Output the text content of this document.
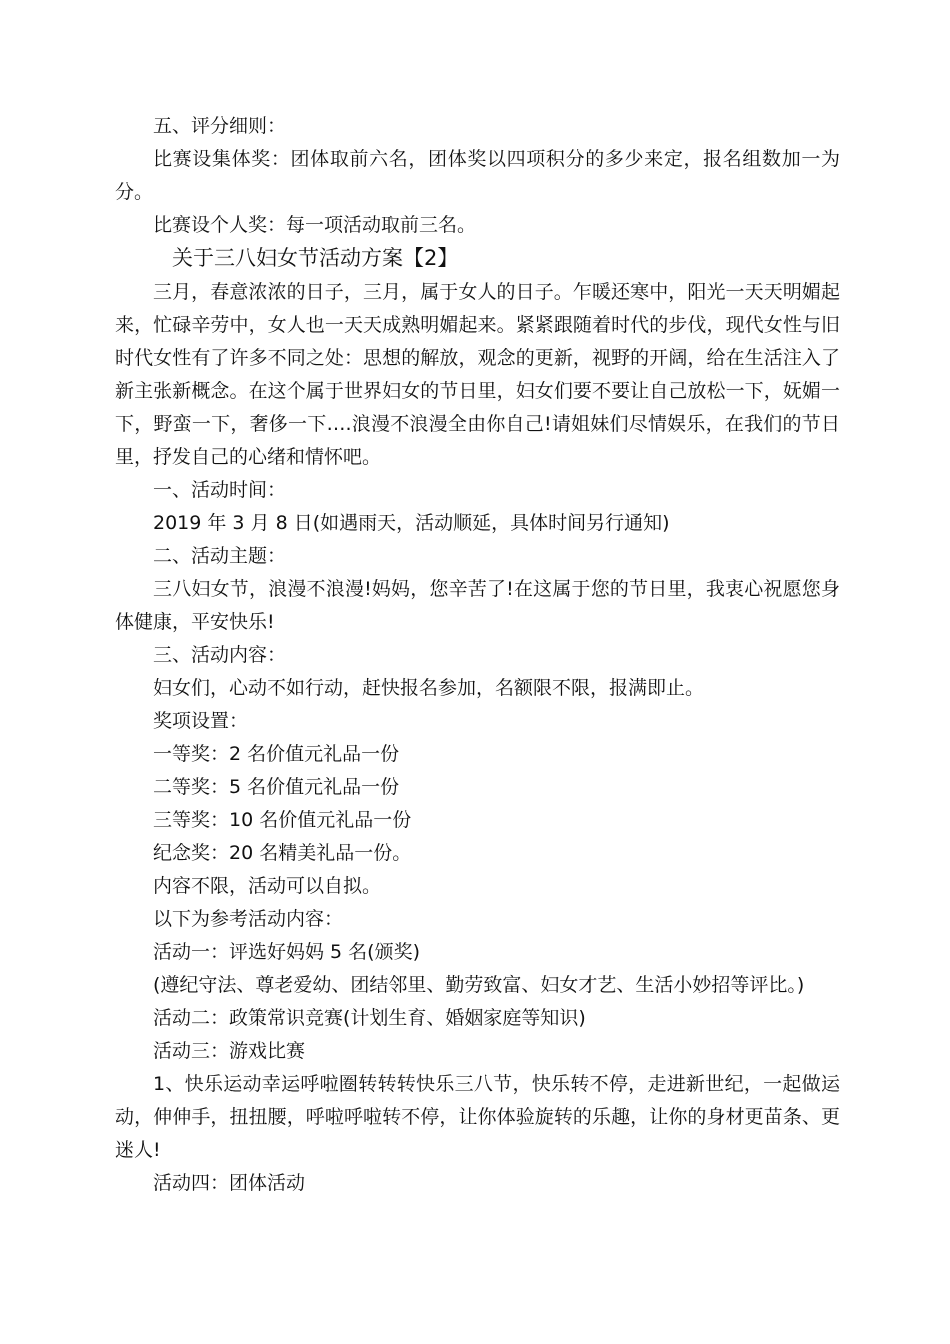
五、评分细则：

比赛设集体奖：团体取前六名，团体奖以四项积分的多少来定，报名组数加一为分。

比赛设个人奖：每一项活动取前三名。

关于三八妇女节活动方案【2】

三月，春意浓浓的日子，三月，属于女人的日子。乍暖还寒中，阳光一天天明媚起来，忙碌辛劳中，女人也一天天成熟明媚起来。紧紧跟随着时代的步伐，现代女性与旧时代女性有了许多不同之处：思想的解放，观念的更新，视野的开阔，给在生活注入了新主张新概念。在这个属于世界妇女的节日里，妇女们要不要让自己放松一下，妩媚一下，野蛮一下，奢侈一下….浪漫不浪漫全由你自己!请姐妹们尽情娱乐，在我们的节日里，抒发自己的心绪和情怀吧。

一、活动时间：

2019 年 3 月 8 日(如遇雨天，活动顺延，具体时间另行通知)

二、活动主题：

三八妇女节，浪漫不浪漫!妈妈，您辛苦了!在这属于您的节日里，我衷心祝愿您身体健康，平安快乐!

三、活动内容：

妇女们，心动不如行动，赶快报名参加，名额限不限，报满即止。

奖项设置：

一等奖：2 名价值元礼品一份

二等奖：5 名价值元礼品一份

三等奖：10 名价值元礼品一份

纪念奖：20 名精美礼品一份。

内容不限，活动可以自拟。

以下为参考活动内容：

活动一：评选好妈妈 5 名(颁奖)

(遵纪守法、尊老爱幼、团结邻里、勤劳致富、妇女才艺、生活小妙招等评比。)

活动二：政策常识竞赛(计划生育、婚姻家庭等知识)

活动三：游戏比赛

1、快乐运动幸运呼啦圈转转转快乐三八节，快乐转不停，走进新世纪，一起做运动，伸伸手，扭扭腰，呼啦呼啦转不停，让你体验旋转的乐趣，让你的身材更苗条、更迷人!

活动四：团体活动
